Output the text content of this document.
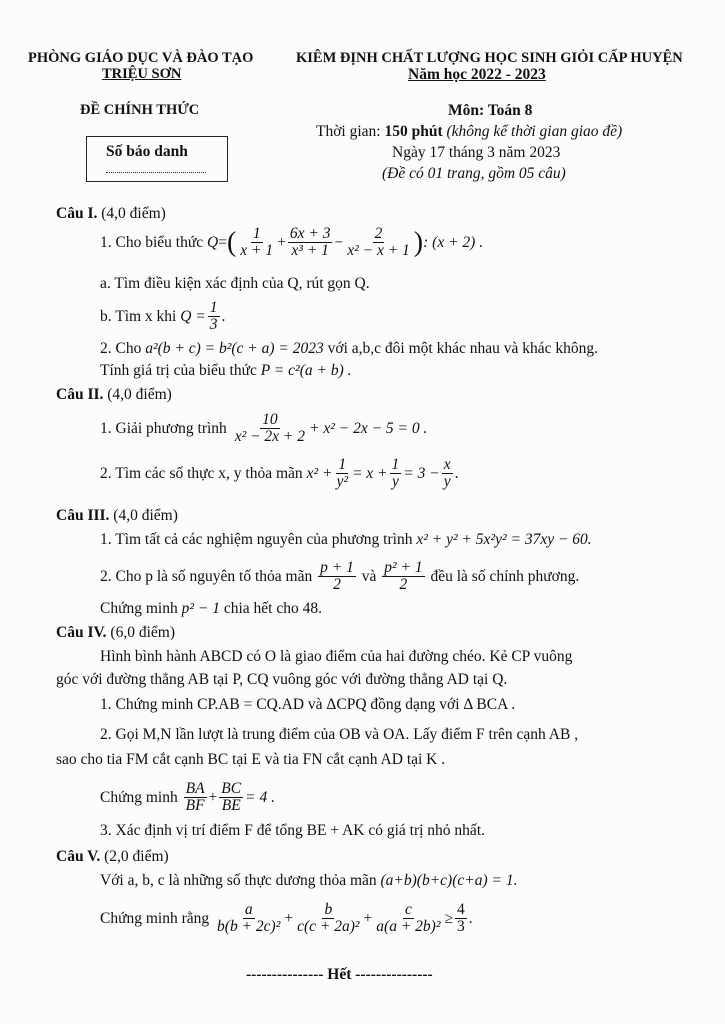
PHÒNG GIÁO DỤC VÀ ĐÀO TẠO
TRIỆU SƠN
ĐỀ CHÍNH THỨC
Số báo danh
KIÊM ĐỊNH CHẤT LƯỢNG HỌC SINH GIỎI CẤP HUYỆN
Năm học 2022 - 2023
Môn: Toán 8
Thời gian: 150 phút (không kể thời gian giao đề)
Ngày 17 tháng 3 năm 2023
(Đề có 01 trang, gồm 05 câu)
Câu I. (4,0 điểm)
1. Cho biểu thức
Q = ( $\frac{1}{x + 1} + \frac{6x + 3}{\text{x³ + 1}} - \frac{2}{\text{x² − x + 1}}$ ) : (x + 2) .
a. Tìm điều kiện xác định của Q, rút gọn Q.
b. Tìm x khi
$Q = \frac{1}{3}$ .
2. Cho a²(b + c) = b²(c + a) = 2023 với a,b,c đôi một khác nhau và khác không.
Tính giá trị của biểu thức P = c²(a + b) .
Câu II. (4,0 điểm)
1. Giải phương trình
$\frac{10}{\text{x² − 2x + 2}} + x^2 - 2x - 5 = 0$ .
2. Tìm các số thực x, y thỏa mãn
$x^2 + \frac{1}{\text{y²}} = x + \frac{1}{y} = 3 - \frac{x}{y}$ .
Câu III. (4,0 điểm)
1. Tìm tất cả các nghiệm nguyên của phương trình x² + y² + 5x²y² = 37xy − 60.
2. Cho p là số nguyên tố thỏa mãn
$\frac{p + 1}{2}$
và
$\frac{\text{p² + 1}}{2}$
đều là số chính phương.
Chứng minh p² − 1 chia hết cho 48.
Câu IV. (6,0 điểm)
Hình bình hành ABCD có O là giao điểm của hai đường chéo. Kẻ CP vuông
góc với đường thẳng AB tại P, CQ vuông góc với đường thẳng AD tại Q.
1. Chứng minh CP.AB = CQ.AD và ΔCPQ đồng dạng với Δ BCA .
2. Gọi M,N lần lượt là trung điểm của OB và OA. Lấy điểm F trên cạnh AB ,
sao cho tia FM cắt cạnh BC tại E và tia FN cắt cạnh AD tại K .
Chứng minh
$\frac{BA}{BF} + \frac{BC}{BE} = 4$ .
3. Xác định vị trí điểm F để tổng BE + AK có giá trị nhỏ nhất.
Câu V. (2,0 điểm)
Với a, b, c là những số thực dương thỏa mãn (a+b)(b+c)(c+a) = 1.
Chứng minh rằng
$\frac{a}{\text{b(b + 2c)²}} + \frac{b}{\text{c(c + 2a)²}} + \frac{c}{\text{a(a + 2b)²}} \ge \frac{4}{3}$ .
--------------- Hết ---------------
